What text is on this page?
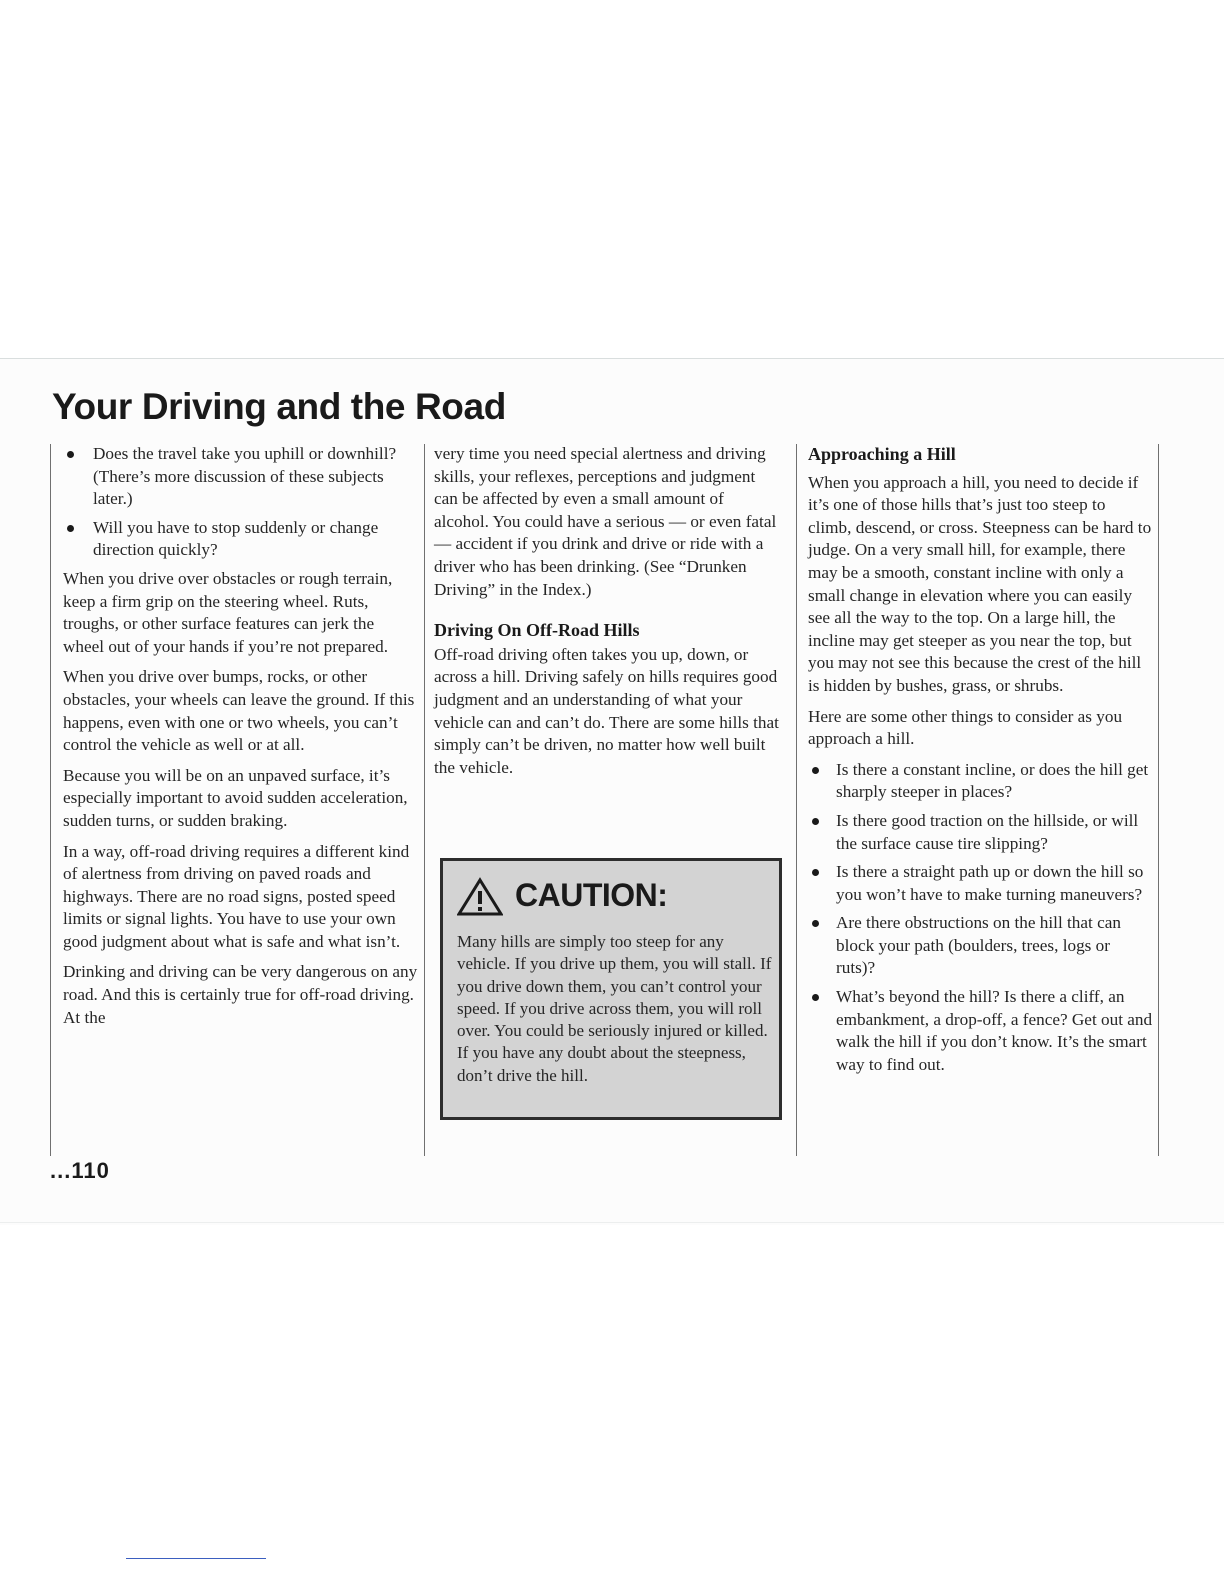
Your Driving and the Road
Does the travel take you uphill or downhill? (There’s more discussion of these subjects later.)
Will you have to stop suddenly or change direction quickly?

When you drive over obstacles or rough terrain, keep a firm grip on the steering wheel. Ruts, troughs, or other surface features can jerk the wheel out of your hands if you’re not prepared.

When you drive over bumps, rocks, or other obstacles, your wheels can leave the ground. If this happens, even with one or two wheels, you can’t control the vehicle as well or at all.

Because you will be on an unpaved surface, it’s especially important to avoid sudden acceleration, sudden turns, or sudden braking.

In a way, off-road driving requires a different kind of alertness from driving on paved roads and highways. There are no road signs, posted speed limits or signal lights. You have to use your own good judgment about what is safe and what isn’t.

Drinking and driving can be very dangerous on any road. And this is certainly true for off-road driving. At the

very time you need special alertness and driving skills, your reflexes, perceptions and judgment can be affected by even a small amount of alcohol. You could have a serious — or even fatal — accident if you drink and drive or ride with a driver who has been drinking. (See “Drunken Driving” in the Index.)

Driving On Off-Road Hills

Off-road driving often takes you up, down, or across a hill. Driving safely on hills requires good judgment and an understanding of what your vehicle can and can’t do. There are some hills that simply can’t be driven, no matter how well built the vehicle.

CAUTION:

Many hills are simply too steep for any vehicle. If you drive up them, you will stall. If you drive down them, you can’t control your speed. If you drive across them, you will roll over. You could be seriously injured or killed. If you have any doubt about the steepness, don’t drive the hill.

Approaching a Hill

When you approach a hill, you need to decide if it’s one of those hills that’s just too steep to climb, descend, or cross. Steepness can be hard to judge. On a very small hill, for example, there may be a smooth, constant incline with only a small change in elevation where you can easily see all the way to the top. On a large hill, the incline may get steeper as you near the top, but you may not see this because the crest of the hill is hidden by bushes, grass, or shrubs.

Here are some other things to consider as you approach a hill.

Is there a constant incline, or does the hill get sharply steeper in places?
Is there good traction on the hillside, or will the surface cause tire slipping?
Is there a straight path up or down the hill so you won’t have to make turning maneuvers?
Are there obstructions on the hill that can block your path (boulders, trees, logs or ruts)?
What’s beyond the hill? Is there a cliff, an embankment, a drop-off, a fence? Get out and walk the hill if you don’t know. It’s the smart way to find out.
...110
